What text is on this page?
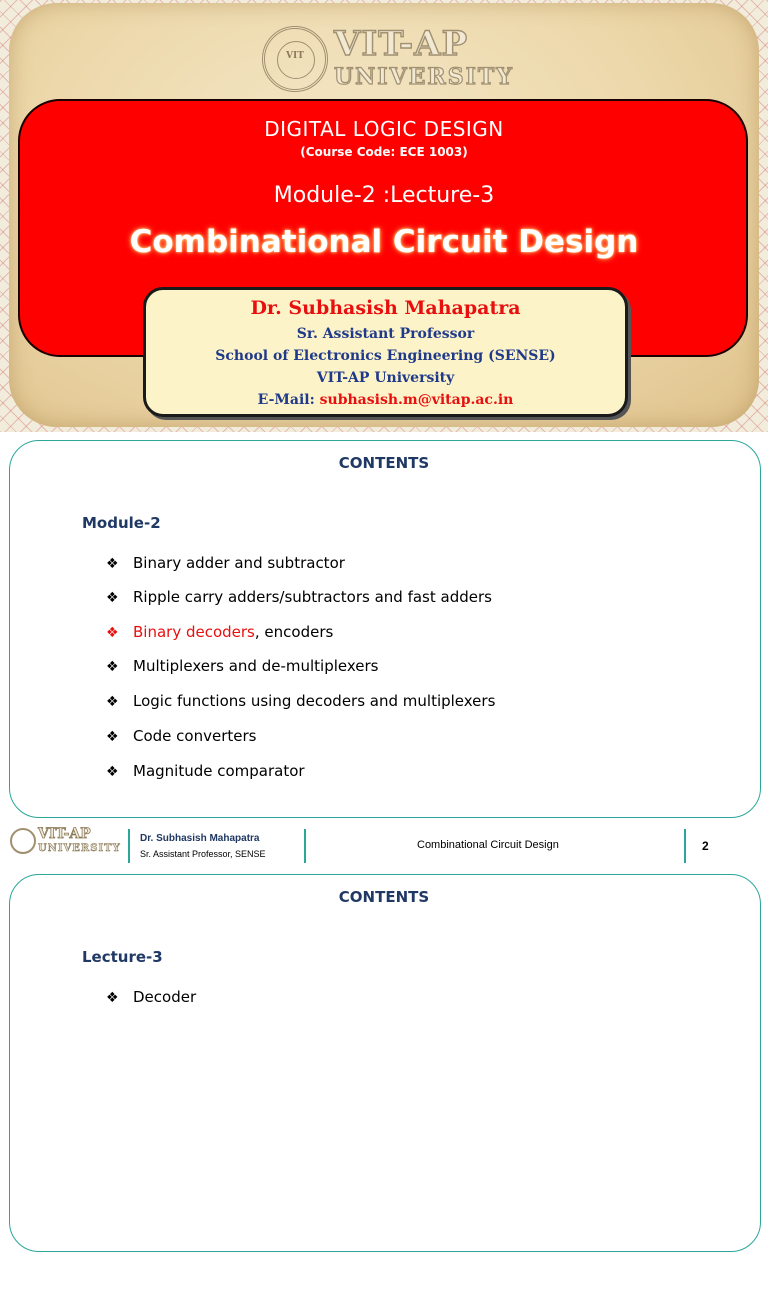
VIT VIT-AP
UNIVERSITY
DIGITAL LOGIC DESIGN
(Course Code: ECE 1003)
Module-2 :Lecture-3
Combinational Circuit Design
Dr. Subhasish Mahapatra
Sr. Assistant Professor
School of Electronics Engineering (SENSE)
VIT-AP University
E-Mail: subhasish.m@vitap.ac.in
CONTENTS
Module-2
❖ Binary adder and subtractor
❖ Ripple carry adders/subtractors and fast adders
❖ Binary decoders, encoders
❖ Multiplexers and de-multiplexers
❖ Logic functions using decoders and multiplexers
❖ Code converters
❖ Magnitude comparator
VIT-AP
UNIVERSITY
Dr. Subhasish Mahapatra
Sr. Assistant Professor, SENSE
Combinational Circuit Design	2
CONTENTS
Lecture-3
❖ Decoder
